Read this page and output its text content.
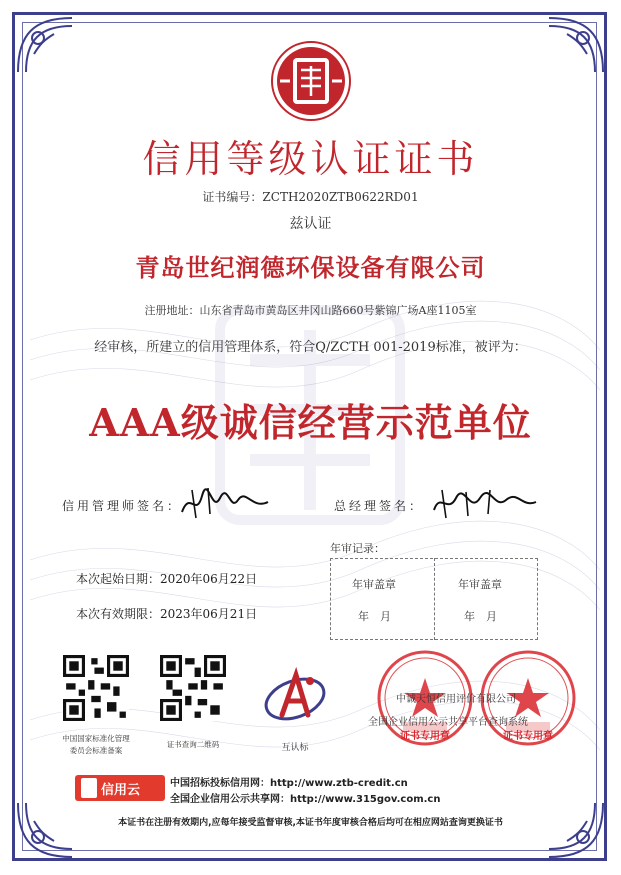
信用等级认证证书
证书编号：ZCTH2020ZTB0622RD01
兹认证
青岛世纪润德环保设备有限公司
注册地址：山东省青岛市黄岛区井冈山路660号紫锦广场A座1105室
经审核，所建立的信用管理体系，符合Q/ZCTH 001-2019标准，被评为：
AAA级诚信经营示范单位
信用管理师签名：	总经理签名：
年审记录：
年审盖章
年　月
年审盖章
年　月
本次起始日期：2020年06月22日
本次有效期限：2023年06月21日
中国国家标准化管理
委员会标准备案
证书查询二维码	互认标
中诚天恒信用评价有限公司
全国企业信用公示共享平台查询系统
证书专用章	证书专用章
信用云	中国招标投标信用网：http://www.ztb-credit.cn
全国企业信用公示共享网：http://www.315gov.com.cn
本证书在注册有效期内,应每年接受监督审核,本证书年度审核合格后均可在相应网站查询更换证书
